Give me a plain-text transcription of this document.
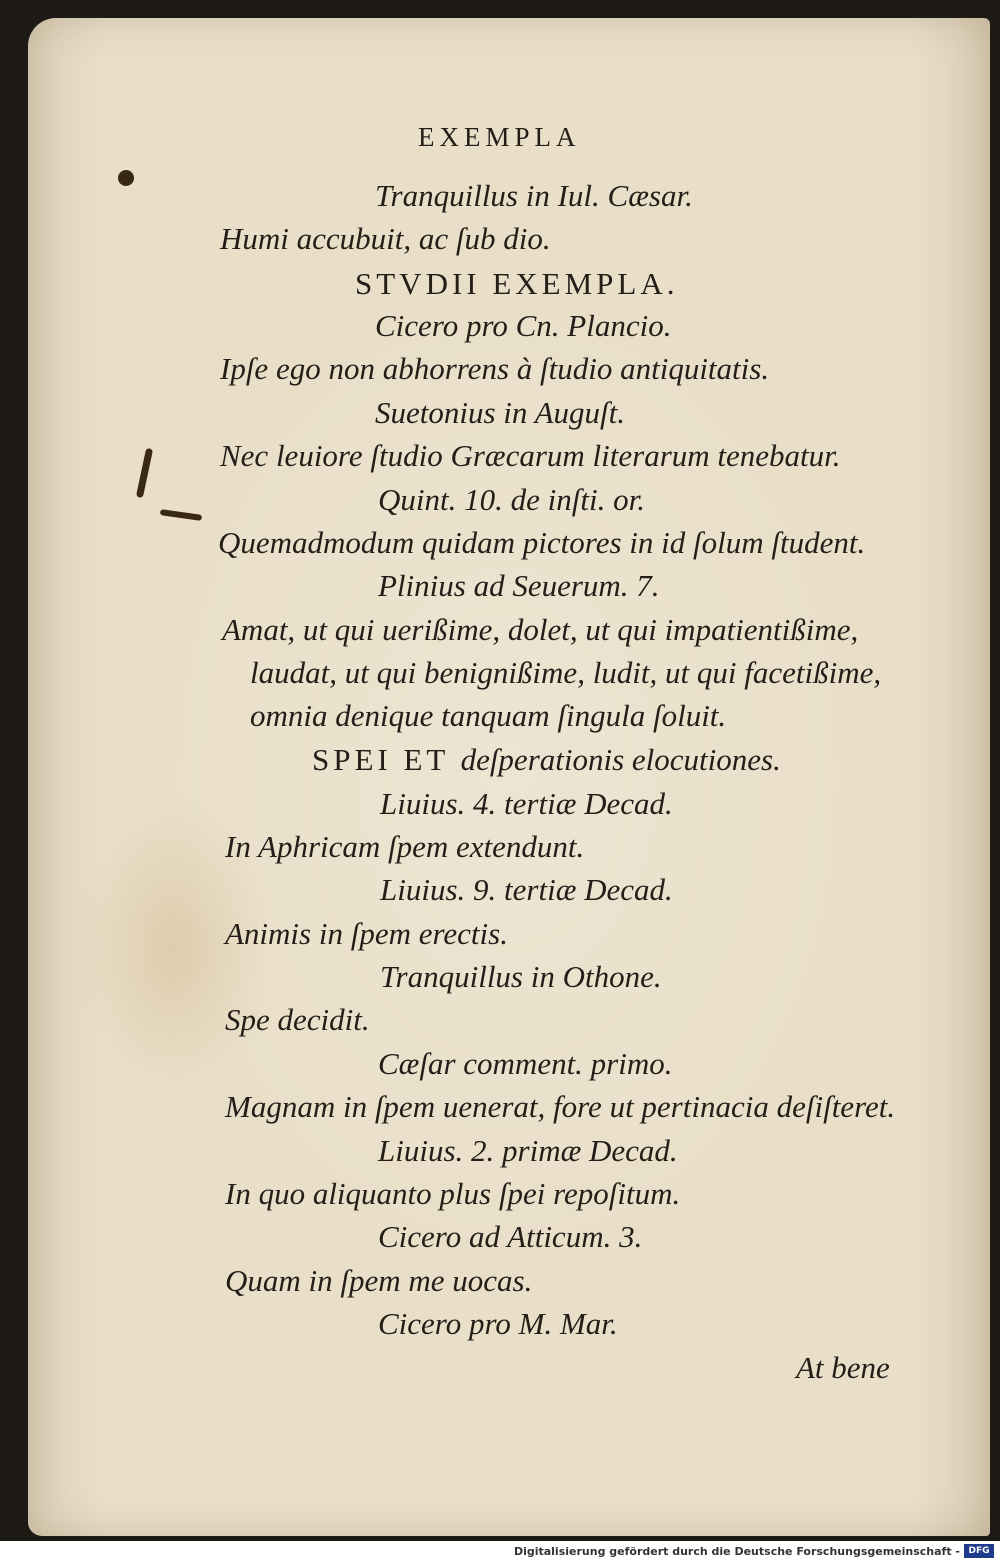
EXEMPLA
Tranquillus in Iul. Cæsar.
Humi accubuit, ac ſub dio.
STVDII EXEMPLA.
Cicero pro Cn. Plancio.
Ipſe ego non abhorrens à ſtudio antiquitatis.
Suetonius in Auguſt.
Nec leuiore ſtudio Græcarum literarum tenebatur.
Quint. 10. de inſti. or.
Quemadmodum quidam pictores in id ſolum ſtudent.
Plinius ad Seuerum. 7.
Amat, ut qui uerißime, dolet, ut qui impatientißime,
laudat, ut qui benignißime, ludit, ut qui facetißime,
omnia denique tanquam ſingula ſoluit.
SPEI ET deſperationis elocutiones.
Liuius. 4. tertiæ Decad.
In Aphricam ſpem extendunt.
Liuius. 9. tertiæ Decad.
Animis in ſpem erectis.
Tranquillus in Othone.
Spe decidit.
Cæſar comment. primo.
Magnam in ſpem uenerat, fore ut pertinacia deſiſteret.
Liuius. 2. primæ Decad.
In quo aliquanto plus ſpei repoſitum.
Cicero ad Atticum. 3.
Quam in ſpem me uocas.
Cicero pro M. Mar.
At bene
Digitalisierung gefördert durch die Deutsche Forschungsgemeinschaft - DFG
